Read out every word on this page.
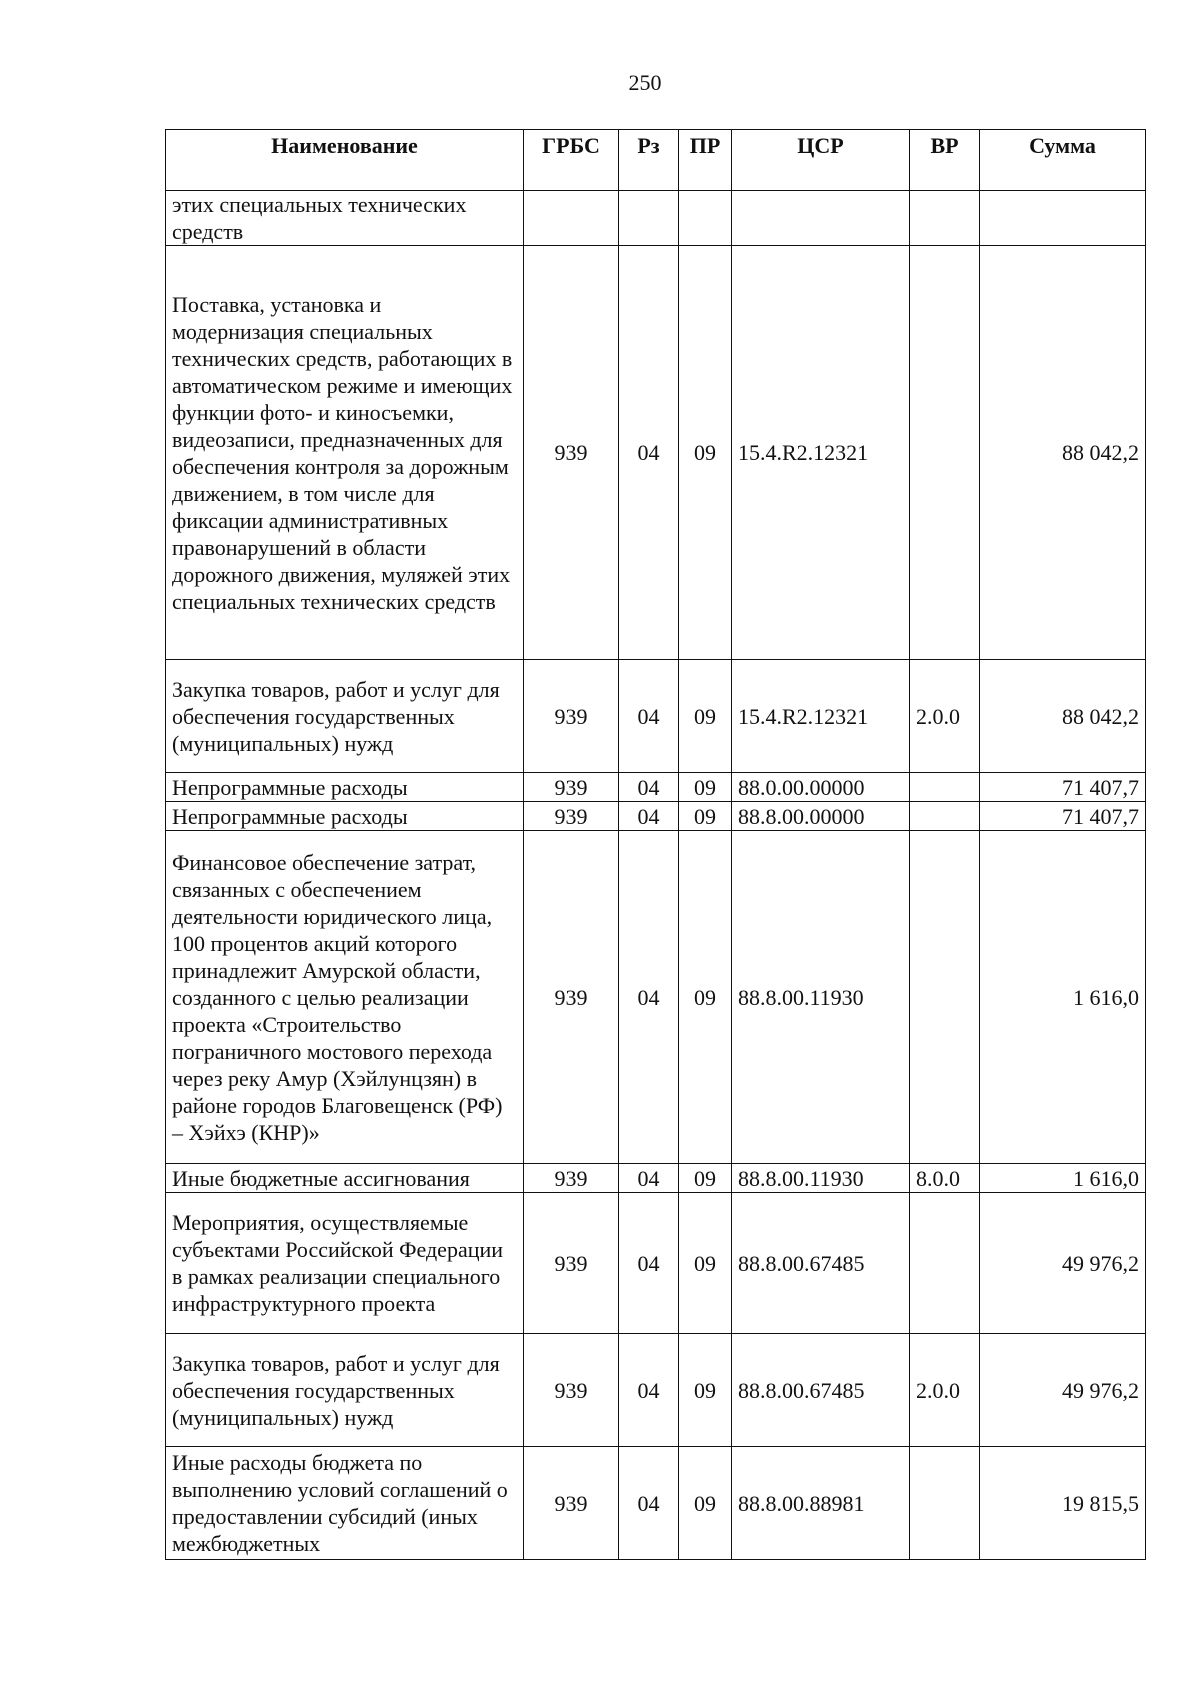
250
Наименование	ГРБС	Рз	ПР	ЦСР	ВР	Сумма
этих специальных технических средств						
Поставка, установка и модернизация специальных технических средств, работающих в автоматическом режиме и имеющих функции фото- и киносъемки, видеозаписи, предназначенных для обеспечения контроля за дорожным движением, в том числе для фиксации административных правонарушений в области дорожного движения, муляжей этих специальных технических средств	939	04	09	15.4.R2.12321		88 042,2
Закупка товаров, работ и услуг для обеспечения государственных (муниципальных) нужд	939	04	09	15.4.R2.12321	2.0.0	88 042,2
Непрограммные расходы	939	04	09	88.0.00.00000		71 407,7
Непрограммные расходы	939	04	09	88.8.00.00000		71 407,7
Финансовое обеспечение затрат, связанных с обеспечением деятельности юридического лица, 100 процентов акций которого принадлежит Амурской области, созданного с целью реализации проекта «Строительство пограничного мостового перехода через реку Амур (Хэйлунцзян) в районе городов Благовещенск (РФ) – Хэйхэ (КНР)»	939	04	09	88.8.00.11930		1 616,0
Иные бюджетные ассигнования	939	04	09	88.8.00.11930	8.0.0	1 616,0
Мероприятия, осуществляемые субъектами Российской Федерации в рамках реализации специального инфраструктурного проекта	939	04	09	88.8.00.67485		49 976,2
Закупка товаров, работ и услуг для обеспечения государственных (муниципальных) нужд	939	04	09	88.8.00.67485	2.0.0	49 976,2
Иные расходы бюджета по выполнению условий соглашений о предоставлении субсидий (иных межбюджетных	939	04	09	88.8.00.88981		19 815,5
